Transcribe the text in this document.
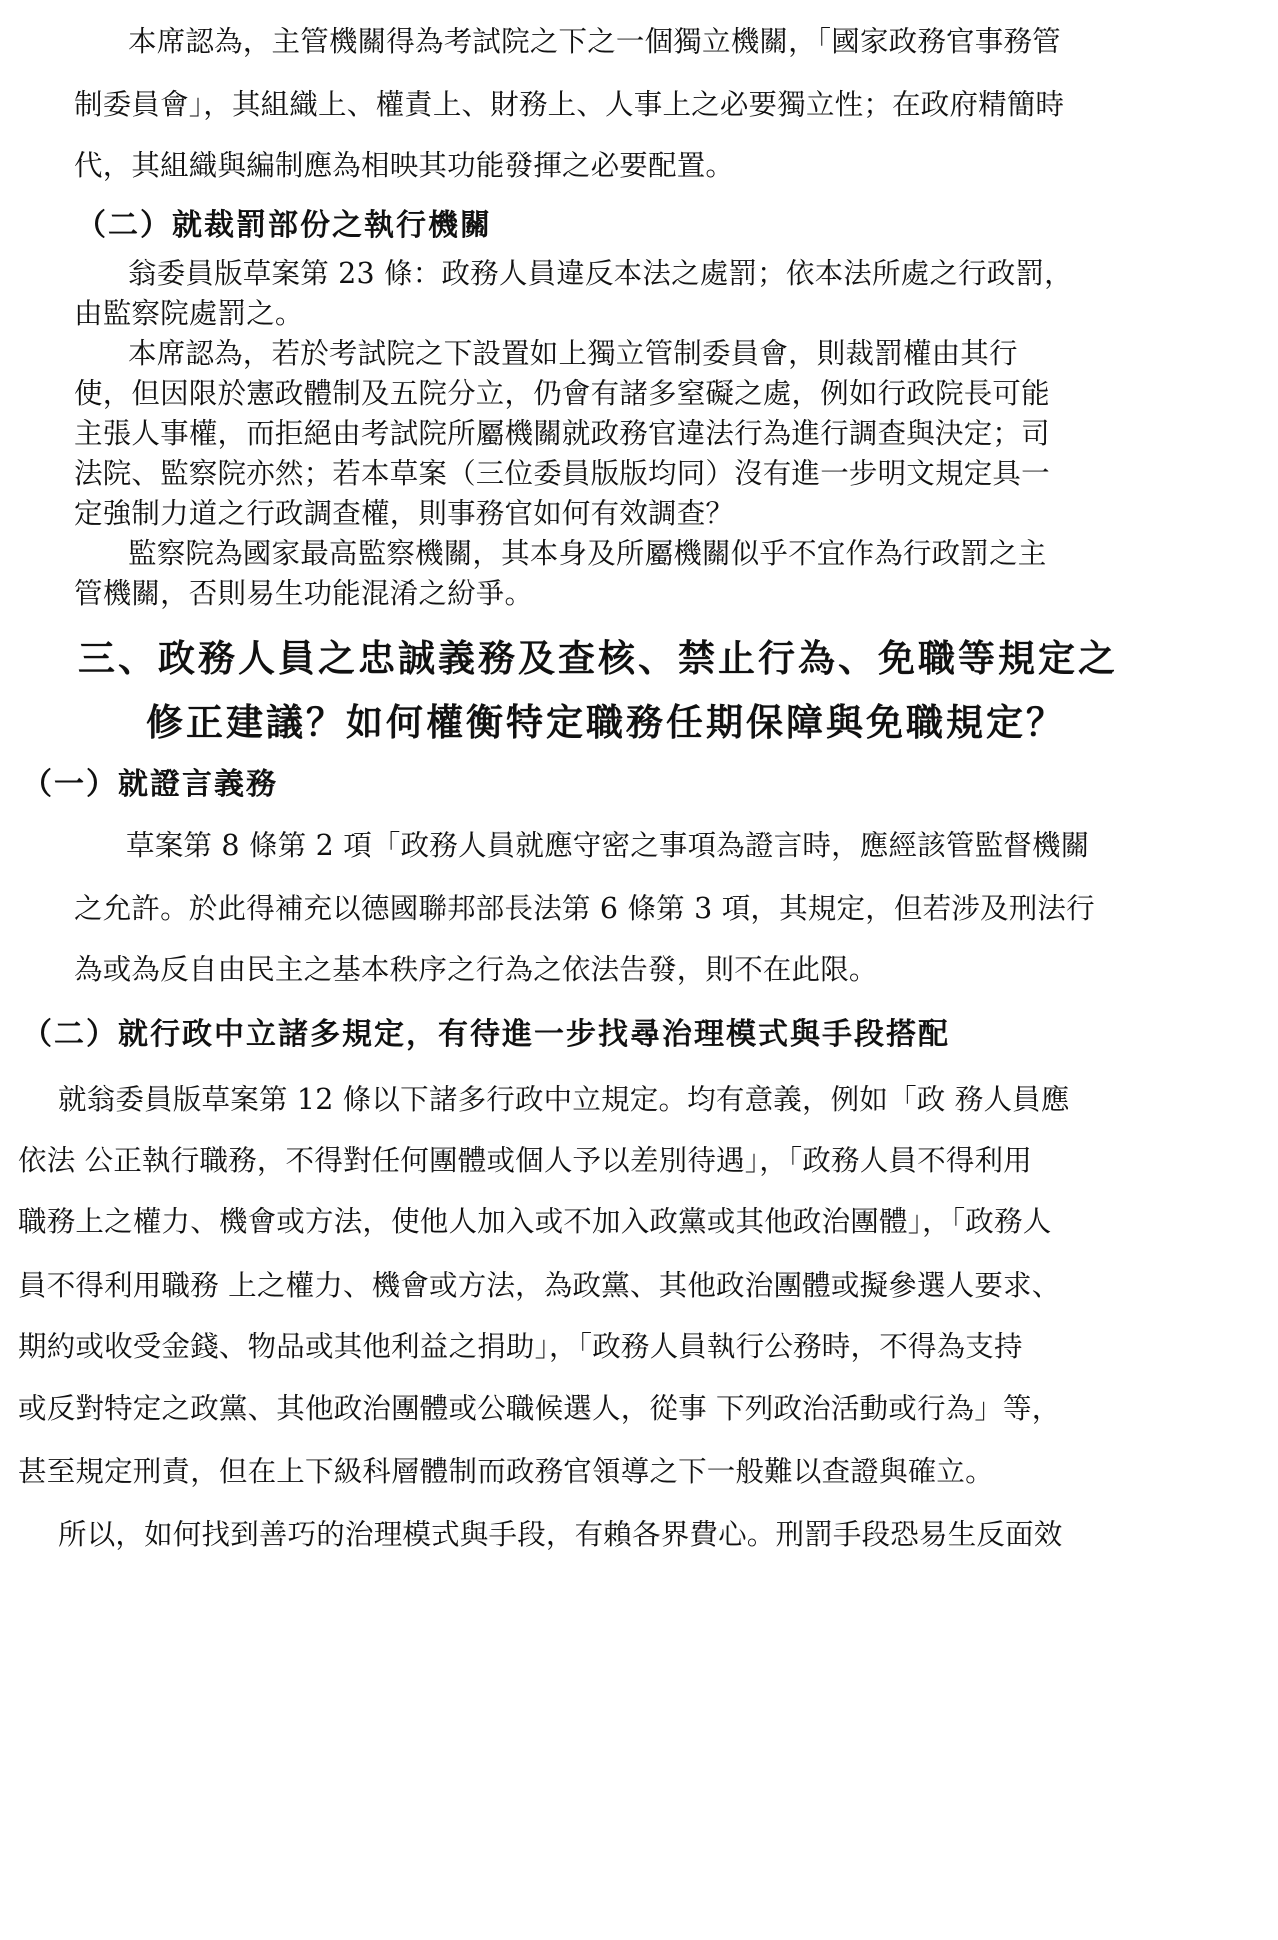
本席認為，主管機關得為考試院之下之一個獨立機關，「國家政務官事務管
制委員會」，其組織上、權責上、財務上、人事上之必要獨立性；在政府精簡時
代，其組織與編制應為相映其功能發揮之必要配置。
（二）就裁罰部份之執行機關
翁委員版草案第 23 條：政務人員違反本法之處罰；依本法所處之行政罰，
由監察院處罰之。
本席認為，若於考試院之下設置如上獨立管制委員會，則裁罰權由其行
使，但因限於憲政體制及五院分立，仍會有諸多窒礙之處，例如行政院長可能
主張人事權，而拒絕由考試院所屬機關就政務官違法行為進行調查與決定；司
法院、監察院亦然；若本草案（三位委員版版均同）沒有進一步明文規定具一
定強制力道之行政調查權，則事務官如何有效調查？
監察院為國家最高監察機關，其本身及所屬機關似乎不宜作為行政罰之主
管機關，否則易生功能混淆之紛爭。
三、政務人員之忠誠義務及查核、禁止行為、免職等規定之
修正建議？如何權衡特定職務任期保障與免職規定？
（一）就證言義務
草案第 8 條第 2 項「政務人員就應守密之事項為證言時，應經該管監督機關
之允許。於此得補充以德國聯邦部長法第 6 條第 3 項，其規定，但若涉及刑法行
為或為反自由民主之基本秩序之行為之依法告發，則不在此限。
（二）就行政中立諸多規定，有待進一步找尋治理模式與手段搭配
就翁委員版草案第 12 條以下諸多行政中立規定。均有意義，例如「政 務人員應
依法 公正執行職務，不得對任何團體或個人予以差別待遇」，「政務人員不得利用
職務上之權力、機會或方法，使他人加入或不加入政黨或其他政治團體」，「政務人
員不得利用職務 上之權力、機會或方法，為政黨、其他政治團體或擬參選人要求、
期約或收受金錢、物品或其他利益之捐助」，「政務人員執行公務時，不得為支持
或反對特定之政黨、其他政治團體或公職候選人，從事 下列政治活動或行為」等，
甚至規定刑責，但在上下級科層體制而政務官領導之下一般難以查證與確立。
所以，如何找到善巧的治理模式與手段，有賴各界費心。刑罰手段恐易生反面效
